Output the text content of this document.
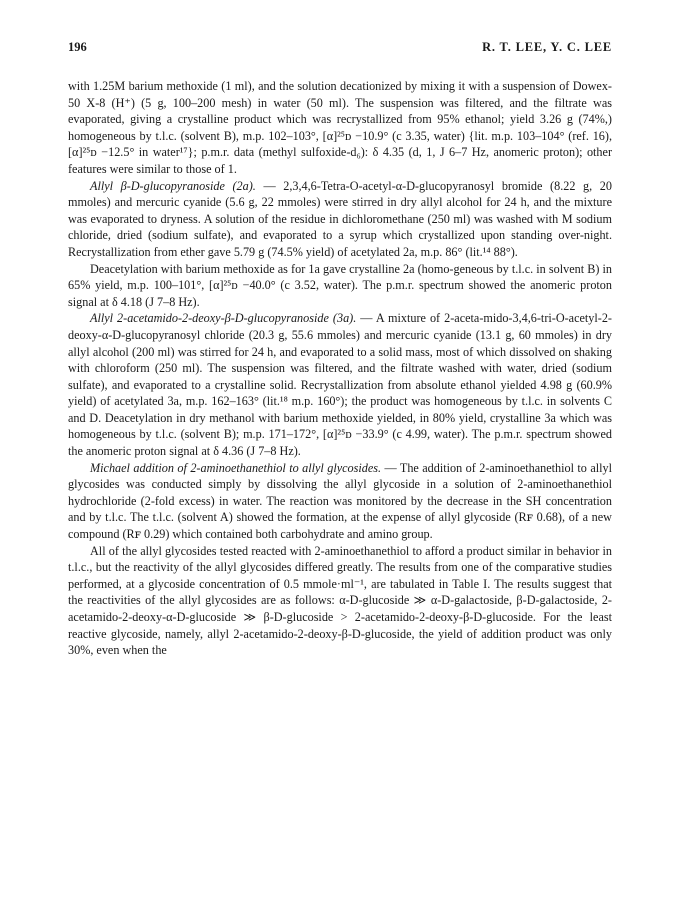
196	R. T. LEE, Y. C. LEE

with 1.25M barium methoxide (1 ml), and the solution decationized by mixing it with a suspension of Dowex-50 X-8 (H⁺) (5 g, 100–200 mesh) in water (50 ml). The suspension was filtered, and the filtrate was evaporated, giving a crystalline product which was recrystallized from 95% ethanol; yield 3.26 g (74%,) homogeneous by t.l.c. (solvent B), m.p. 102–103°, [α]²⁵ᴅ −10.9° (c 3.35, water) {lit. m.p. 103–104° (ref. 16), [α]²⁵ᴅ −12.5° in water¹⁷}; p.m.r. data (methyl sulfoxide-d₆): δ 4.35 (d, 1, J 6–7 Hz, anomeric proton); other features were similar to those of 1.

Allyl β-D-glucopyranoside (2a). — 2,3,4,6-Tetra-O-acetyl-α-D-glucopyranosyl bromide (8.22 g, 20 mmoles) and mercuric cyanide (5.6 g, 22 mmoles) were stirred in dry allyl alcohol for 24 h, and the mixture was evaporated to dryness. A solution of the residue in dichloromethane (250 ml) was washed with M sodium chloride, dried (sodium sulfate), and evaporated to a syrup which crystallized upon standing over-night. Recrystallization from ether gave 5.79 g (74.5% yield) of acetylated 2a, m.p. 86° (lit.¹⁴ 88°).

Deacetylation with barium methoxide as for 1a gave crystalline 2a (homo-geneous by t.l.c. in solvent B) in 65% yield, m.p. 100–101°, [α]²⁵ᴅ −40.0° (c 3.52, water). The p.m.r. spectrum showed the anomeric proton signal at δ 4.18 (J 7–8 Hz).

Allyl 2-acetamido-2-deoxy-β-D-glucopyranoside (3a). — A mixture of 2-aceta-mido-3,4,6-tri-O-acetyl-2-deoxy-α-D-glucopyranosyl chloride (20.3 g, 55.6 mmoles) and mercuric cyanide (13.1 g, 60 mmoles) in dry allyl alcohol (200 ml) was stirred for 24 h, and evaporated to a solid mass, most of which dissolved on shaking with chloroform (250 ml). The suspension was filtered, and the filtrate washed with water, dried (sodium sulfate), and evaporated to a crystalline solid. Recrystallization from absolute ethanol yielded 4.98 g (60.9% yield) of acetylated 3a, m.p. 162–163° (lit.¹⁸ m.p. 160°); the product was homogeneous by t.l.c. in solvents C and D. Deacetylation in dry methanol with barium methoxide yielded, in 80% yield, crystalline 3a which was homogeneous by t.l.c. (solvent B); m.p. 171–172°, [α]²⁵ᴅ −33.9° (c 4.99, water). The p.m.r. spectrum showed the anomeric proton signal at δ 4.36 (J 7–8 Hz).

Michael addition of 2-aminoethanethiol to allyl glycosides. — The addition of 2-aminoethanethiol to allyl glycosides was conducted simply by dissolving the allyl glycoside in a solution of 2-aminoethanethiol hydrochloride (2-fold excess) in water. The reaction was monitored by the decrease in the SH concentration and by t.l.c. The t.l.c. (solvent A) showed the formation, at the expense of allyl glycoside (Rꜰ 0.68), of a new compound (Rꜰ 0.29) which contained both carbohydrate and amino group.

All of the allyl glycosides tested reacted with 2-aminoethanethiol to afford a product similar in behavior in t.l.c., but the reactivity of the allyl glycosides differed greatly. The results from one of the comparative studies performed, at a glycoside concentration of 0.5 mmole·ml⁻¹, are tabulated in Table I. The results suggest that the reactivities of the allyl glycosides are as follows: α-D-glucoside ≫ α-D-galactoside, β-D-galactoside, 2-acetamido-2-deoxy-α-D-glucoside ≫ β-D-glucoside > 2-acetamido-2-deoxy-β-D-glucoside. For the least reactive glycoside, namely, allyl 2-acetamido-2-deoxy-β-D-glucoside, the yield of addition product was only 30%, even when the
